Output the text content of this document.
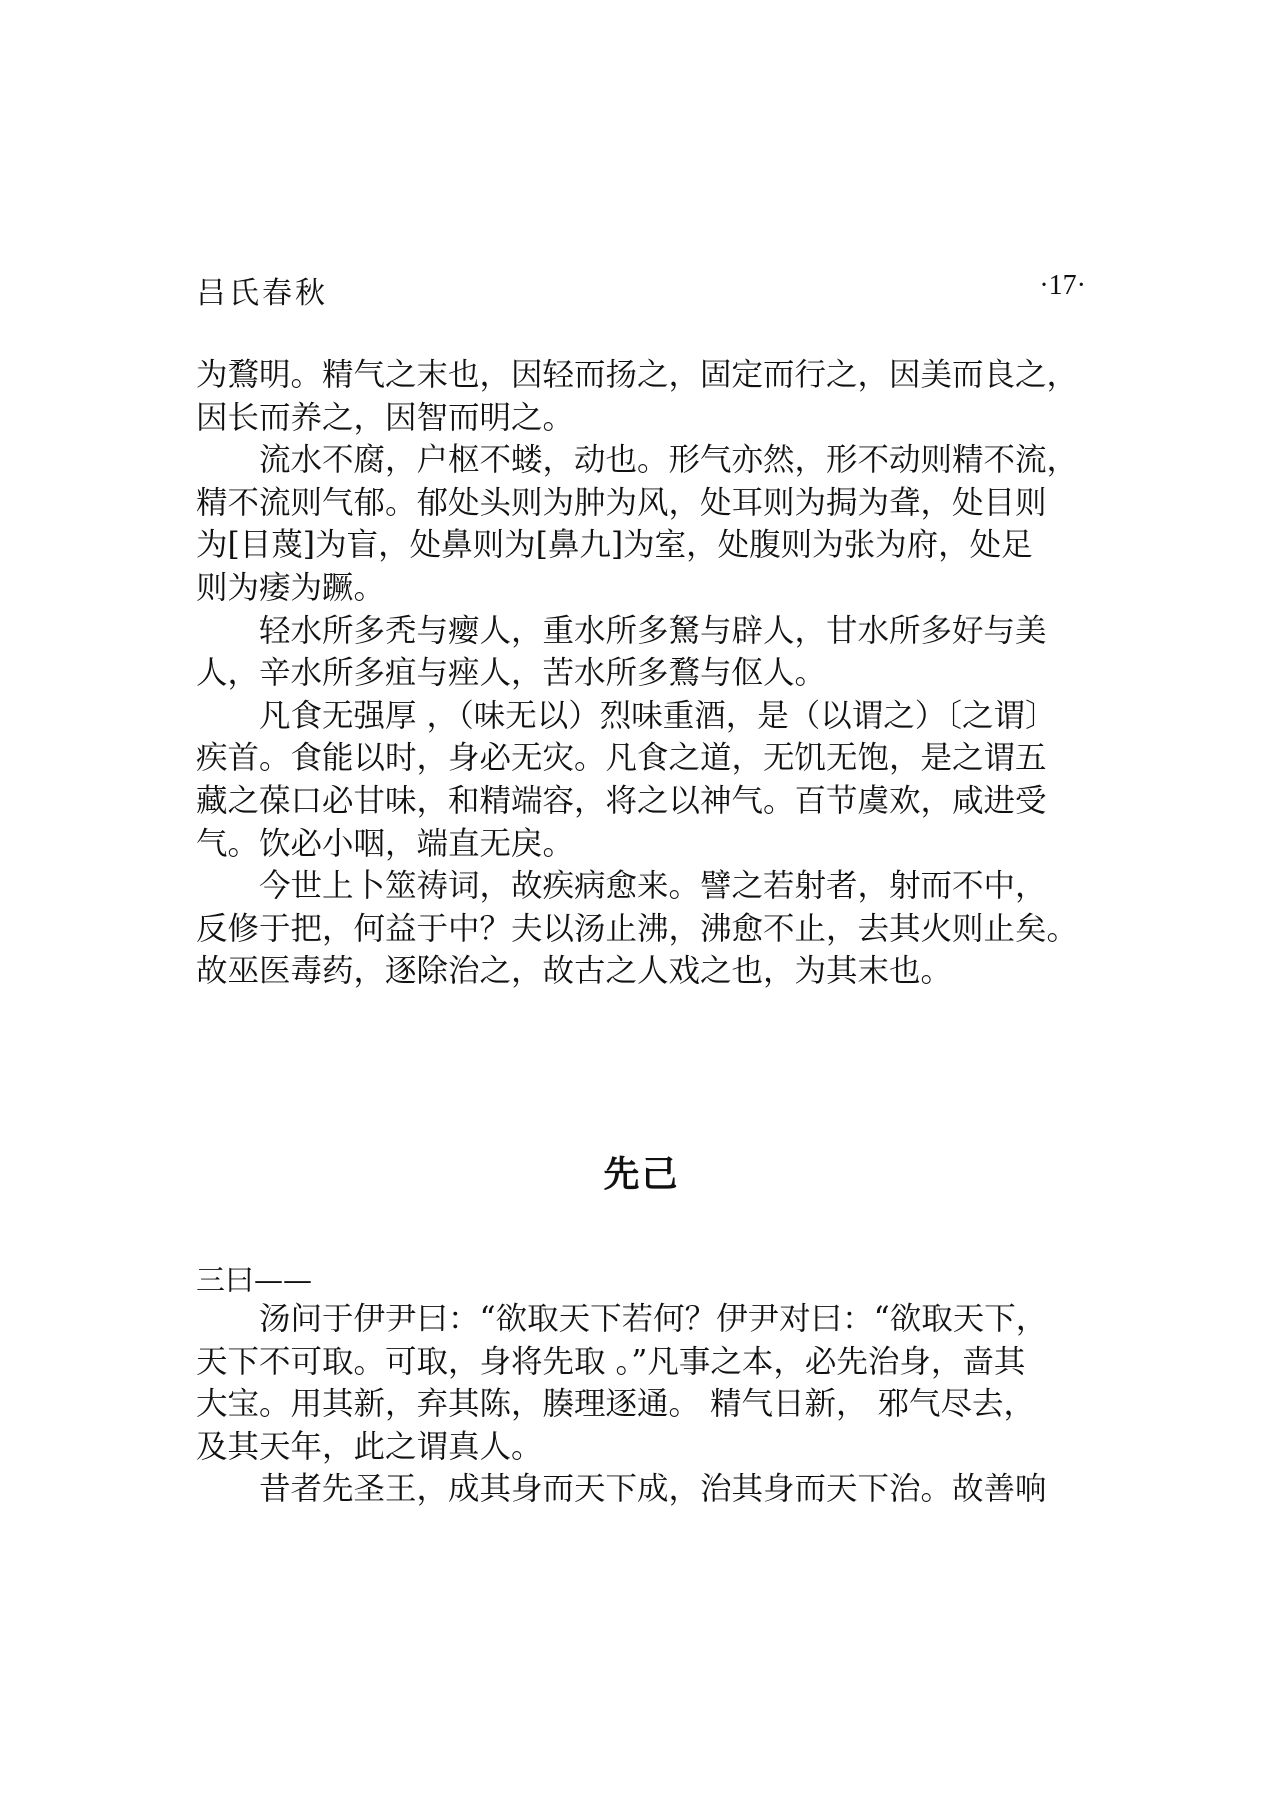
吕氏春秋	·17·

为鶩明。精气之末也，因轻而扬之，固定而行之，因美而良之，

因长而养之，因智而明之。

流水不腐，户枢不蝼，动也。形气亦然，形不动则精不流，

精不流则气郁。郁处头则为肿为风，处耳则为挶为聋，处目则

为[目蔑]为盲，处鼻则为[鼻九]为室，处腹则为张为府，处足

则为痿为蹶。

轻水所多秃与瘿人，重水所多駑与辟人，甘水所多好与美

人，辛水所多疽与痤人，苦水所多鶩与伛人。

凡食无强厚 ，（味无以）烈味重酒，是（以谓之）〔之谓〕

疾首。食能以时，身必无灾。凡食之道，无饥无饱，是之谓五

藏之葆口必甘味，和精端容，将之以神气。百节虞欢，咸进受

气。饮必小咽，端直无戾。

今世上卜筮祷词，故疾病愈来。譬之若射者，射而不中，

反修于把，何益于中？夫以汤止沸，沸愈不止，去其火则止矣。

故巫医毒药，逐除治之，故古之人戏之也，为其末也。

先己
三曰——

汤问于伊尹曰：“欲取天下若何？伊尹对曰：“欲取天下，

天下不可取。可取，身将先取 。”凡事之本，必先治身，啬其

大宝。用其新，弃其陈，腠理逐通。 精气日新， 邪气尽去，

及其天年，此之谓真人。

昔者先圣王，成其身而天下成，治其身而天下治。故善响
